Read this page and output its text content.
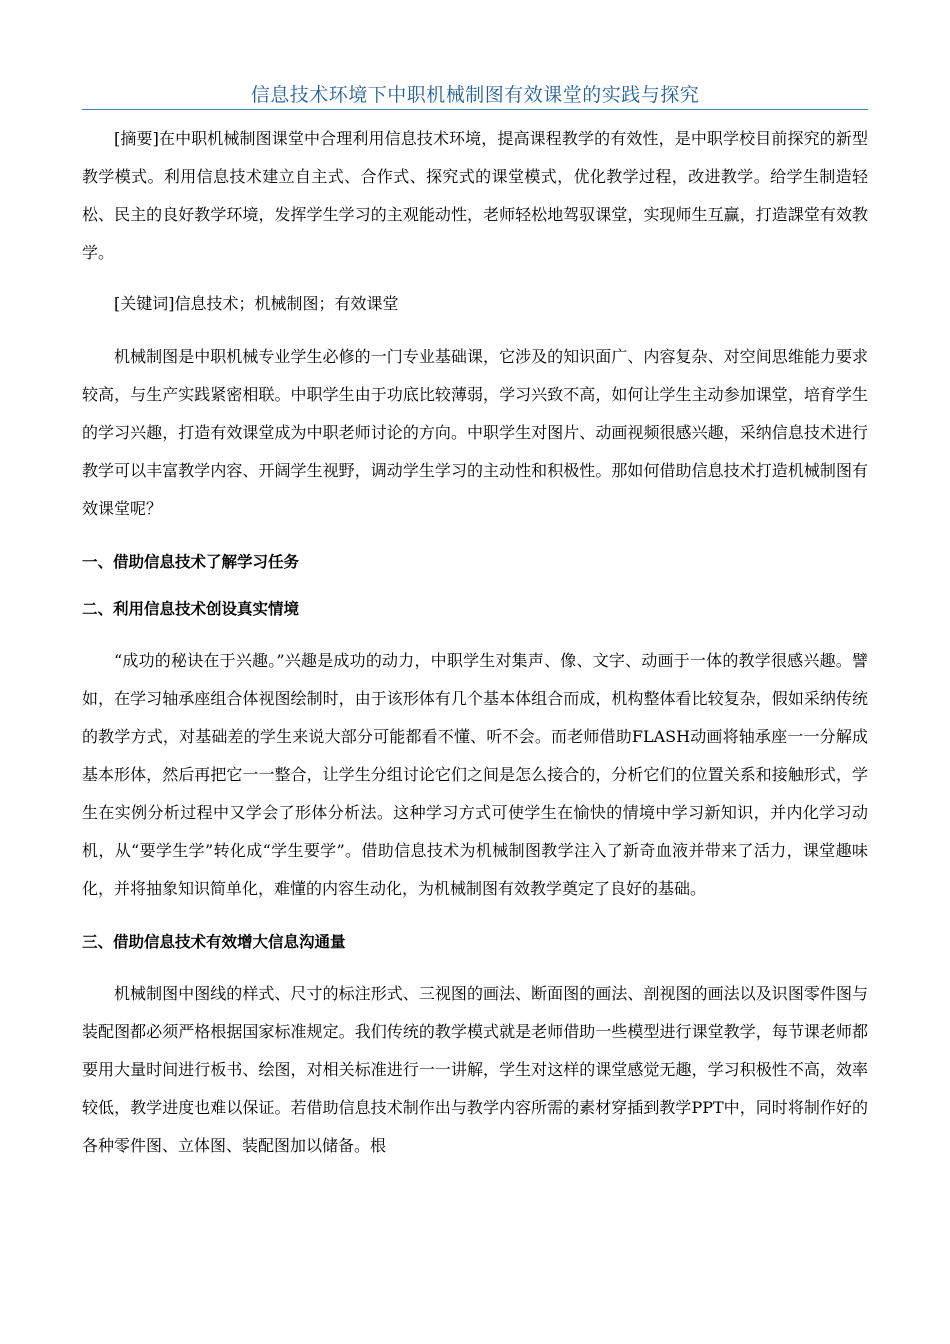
信息技术环境下中职机械制图有效课堂的实践与探究

[摘要]在中职机械制图课堂中合理利用信息技术环境，提高课程教学的有效性，是中职学校目前探究的新型教学模式。利用信息技术建立自主式、合作式、探究式的课堂模式，优化教学过程，改进教学。给学生制造轻松、民主的良好教学环境，发挥学生学习的主观能动性，老师轻松地驾驭课堂，实现师生互赢，打造課堂有效教学。

[关键词]信息技术；机械制图；有效课堂

机械制图是中职机械专业学生必修的一门专业基础课，它涉及的知识面广、内容复杂、对空间思维能力要求较高，与生产实践紧密相联。中职学生由于功底比较薄弱，学习兴致不高，如何让学生主动参加课堂，培育学生的学习兴趣，打造有效课堂成为中职老师讨论的方向。中职学生对图片、动画视频很感兴趣，采纳信息技术进行教学可以丰富教学内容、开阔学生视野，调动学生学习的主动性和积极性。那如何借助信息技术打造机械制图有效课堂呢？

一、借助信息技术了解学习任务
二、利用信息技术创设真实情境

“成功的秘诀在于兴趣。”兴趣是成功的动力，中职学生对集声、像、文字、动画于一体的教学很感兴趣。譬如，在学习轴承座组合体视图绘制时，由于该形体有几个基本体组合而成，机构整体看比较复杂，假如采纳传统的教学方式，对基础差的学生来说大部分可能都看不懂、听不会。而老师借助FLASH动画将轴承座一一分解成基本形体，然后再把它一一整合，让学生分组讨论它们之间是怎么接合的，分析它们的位置关系和接触形式，学生在实例分析过程中又学会了形体分析法。这种学习方式可使学生在愉快的情境中学习新知识，并内化学习动机，从“要学生学”转化成“学生要学”。借助信息技术为机械制图教学注入了新奇血液并带来了活力，课堂趣味化，并将抽象知识简单化，难懂的内容生动化，为机械制图有效教学奠定了良好的基础。

三、借助信息技术有效增大信息沟通量

机械制图中图线的样式、尺寸的标注形式、三视图的画法、断面图的画法、剖视图的画法以及识图零件图与装配图都必须严格根据国家标准规定。我们传统的教学模式就是老师借助一些模型进行课堂教学，每节课老师都要用大量时间进行板书、绘图，对相关标准进行一一讲解，学生对这样的课堂感觉无趣，学习积极性不高，效率较低，教学进度也难以保证。若借助信息技术制作出与教学内容所需的素材穿插到教学PPT中，同时将制作好的各种零件图、立体图、装配图加以储备。根
